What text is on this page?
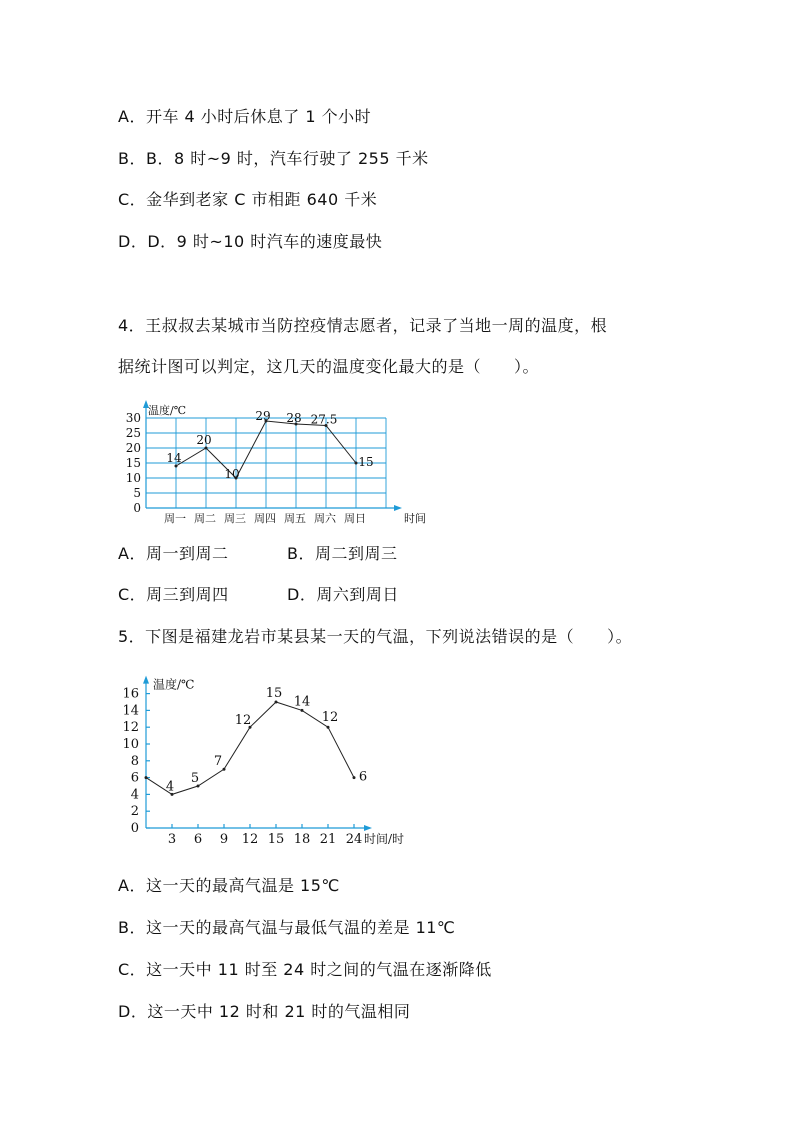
A．开车 4 小时后休息了 1 个小时
B．B．8 时~9 时，汽车行驶了 255 千米
C．金华到老家 C 市相距 640 千米
D．D．9 时~10 时汽车的速度最快
4．王叔叔去某城市当防控疫情志愿者，记录了当地一周的温度，根
据统计图可以判定，这几天的温度变化最大的是（　　）。
0
5
10
15
20
25
30
温度/℃
时间
周一 周二 周三 周四 周五 周六 周日
14
20
10
29 28 27.5
15
A．周一到周二	B．周二到周三
C．周三到周四	D．周六到周日
5．下图是福建龙岩市某县某一天的气温，下列说法错误的是（　　）。
0
2
4
6
8
10
12
14
16
3 6 9 12 15 18 21 24
温度/℃
时间/时
4
5
7
12
15
14
12
6
A．这一天的最高气温是 15℃
B．这一天的最高气温与最低气温的差是 11℃
C．这一天中 11 时至 24 时之间的气温在逐渐降低
D．这一天中 12 时和 21 时的气温相同
